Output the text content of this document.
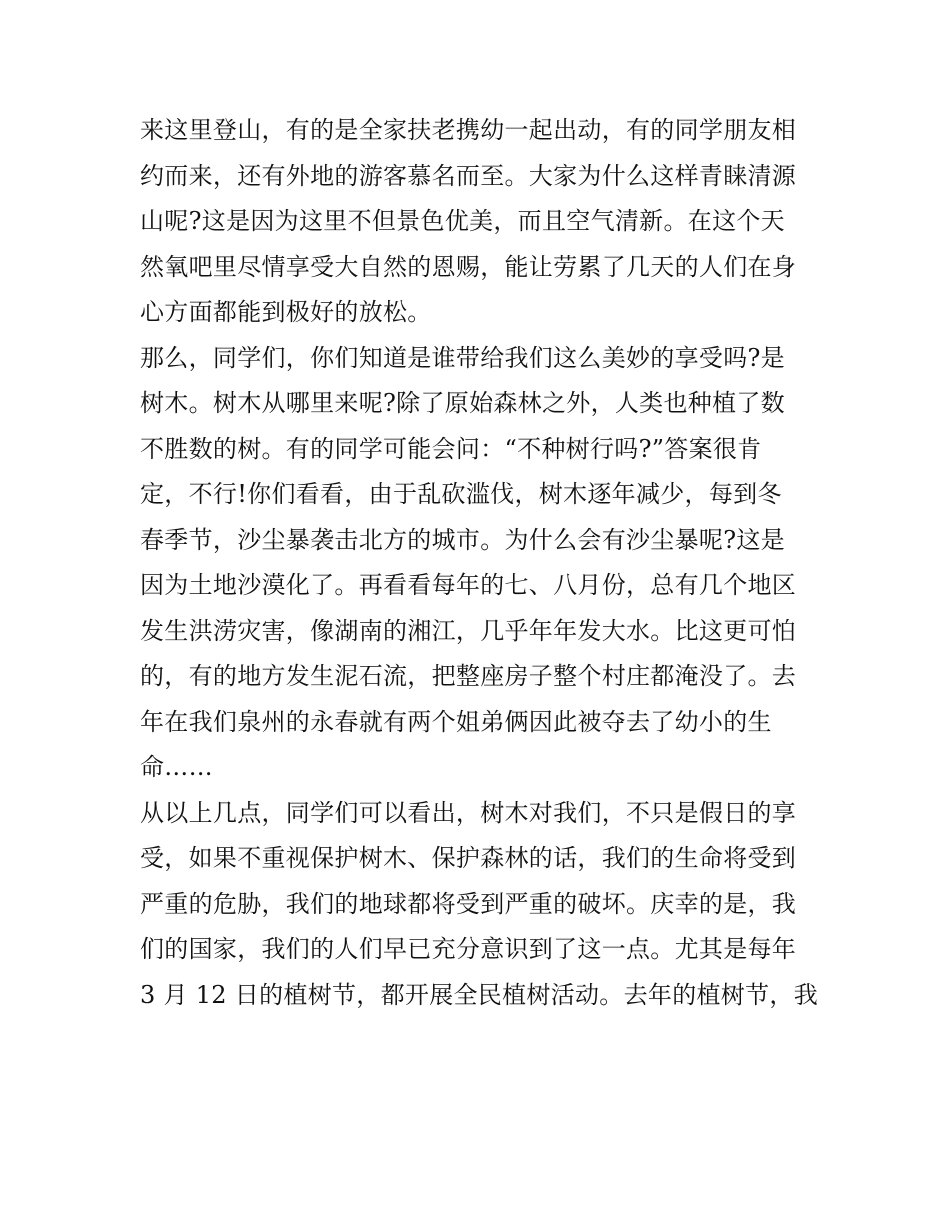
来这里登山，有的是全家扶老携幼一起出动，有的同学朋友相
约而来，还有外地的游客慕名而至。大家为什么这样青睐清源
山呢?这是因为这里不但景色优美，而且空气清新。在这个天
然氧吧里尽情享受大自然的恩赐，能让劳累了几天的人们在身
心方面都能到极好的放松。
那么，同学们，你们知道是谁带给我们这么美妙的享受吗?是
树木。树木从哪里来呢?除了原始森林之外，人类也种植了数
不胜数的树。有的同学可能会问：“不种树行吗?”答案很肯
定，不行!你们看看，由于乱砍滥伐，树木逐年减少，每到冬
春季节，沙尘暴袭击北方的城市。为什么会有沙尘暴呢?这是
因为土地沙漠化了。再看看每年的七、八月份，总有几个地区
发生洪涝灾害，像湖南的湘江，几乎年年发大水。比这更可怕
的，有的地方发生泥石流，把整座房子整个村庄都淹没了。去
年在我们泉州的永春就有两个姐弟俩因此被夺去了幼小的生
命……
从以上几点，同学们可以看出，树木对我们，不只是假日的享
受，如果不重视保护树木、保护森林的话，我们的生命将受到
严重的危胁，我们的地球都将受到严重的破坏。庆幸的是，我
们的国家，我们的人们早已充分意识到了这一点。尤其是每年
3 月 12 日的植树节，都开展全民植树活动。去年的植树节，我
